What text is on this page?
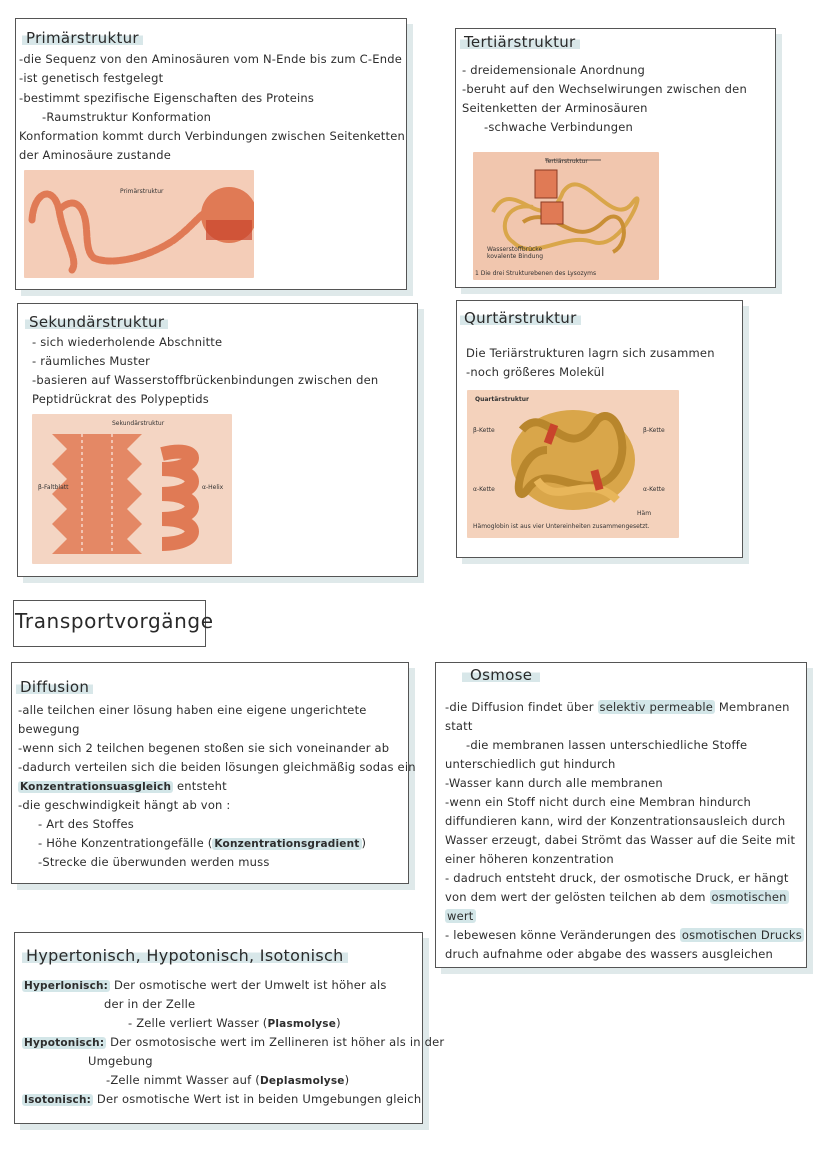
Primärstruktur
-die Sequenz von den Aminosäuren vom N-Ende bis zum C-Ende
-ist genetisch festgelegt
-bestimmt spezifische Eigenschaften des Proteins
-Raumstruktur Konformation
Konformation kommt durch Verbindungen zwischen Seitenketten
der Aminosäure zustande
Primärstruktur
Tertiärstruktur
- dreidemensionale Anordnung
-beruht auf den Wechselwirungen zwischen den
Seitenketten der Arminosäuren
-schwache Verbindungen
Tertiärstruktur
Wasserstoffbrücke
kovalente Bindung
1 Die drei Strukturebenen des Lysozyms
Sekundärstruktur
- sich wiederholende Abschnitte
- räumliches Muster
-basieren auf Wasserstoffbrückenbindungen zwischen den
Peptidrückrat des Polypeptids
Sekundärstruktur
β-Faltblatt	α-Helix
Qurtärstruktur
Die Teriärstrukturen lagrn sich zusammen
-noch größeres Molekül
Quartärstruktur
β-Kette	β-Kette
α-Kette	α-Kette
Häm
Hämoglobin ist aus vier Untereinheiten zusammengesetzt.
Transportvorgänge
Diffusion
-alle teilchen einer lösung haben eine eigene ungerichtete
bewegung
-wenn sich 2 teilchen begenen stoßen sie sich voneinander ab
-dadurch verteilen sich die beiden lösungen gleichmäßig sodas ein
Konzentrationsuasgleich entsteht
-die geschwindigkeit hängt ab von :
- Art des Stoffes
- Höhe Konzentrationgefälle ( Konzentrationsgradient )
-Strecke die überwunden werden muss
Osmose
-die Diffusion findet über selektiv permeable Membranen
statt
-die membranen lassen unterschiedliche Stoffe
unterschiedlich gut hindurch
-Wasser kann durch alle membranen
-wenn ein Stoff nicht durch eine Membran hindurch
diffundieren kann, wird der Konzentrationsausleich durch
Wasser erzeugt, dabei Strömt das Wasser auf die Seite mit
einer höheren konzentration
- dadruch entsteht druck, der osmotische Druck, er hängt
von dem wert der gelösten teilchen ab dem osmotischen
wert
- lebewesen könne Veränderungen des osmotischen Drucks
druch aufnahme oder abgabe des wassers ausgleichen
Hypertonisch, Hypotonisch, Isotonisch
Hyperlonisch: Der osmotische wert der Umwelt ist höher als
der in der Zelle
- Zelle verliert Wasser (Plasmolyse)
Hypotonisch: Der osmotosische wert im Zellineren ist höher als in der
Umgebung
-Zelle nimmt Wasser auf (Deplasmolyse)
Isotonisch: Der osmotische Wert ist in beiden Umgebungen gleich
